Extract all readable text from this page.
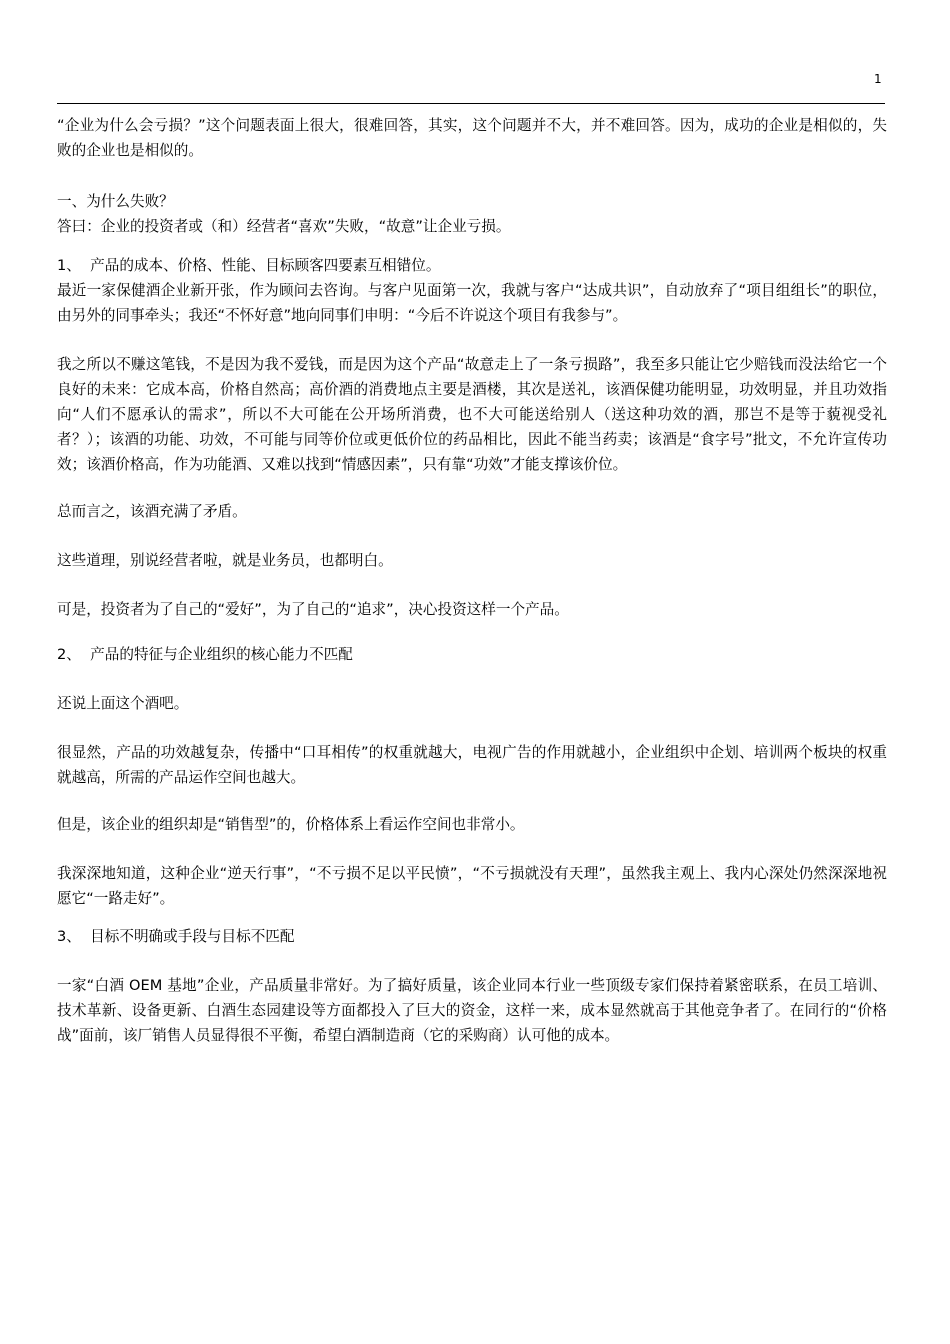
1

“企业为什么会亏损？”这个问题表面上很大，很难回答，其实，这个问题并不大，并不难回答。因为，成功的企业是相似的，失败的企业也是相似的。

一、为什么失败？

答曰：企业的投资者或（和）经营者“喜欢”失败，“故意”让企业亏损。

1、  产品的成本、价格、性能、目标顾客四要素互相错位。

最近一家保健酒企业新开张，作为顾问去咨询。与客户见面第一次，我就与客户“达成共识”，自动放弃了“项目组组长”的职位，由另外的同事牵头；我还“不怀好意”地向同事们申明：“今后不许说这个项目有我参与”。

我之所以不赚这笔钱，不是因为我不爱钱，而是因为这个产品“故意走上了一条亏损路”，我至多只能让它少赔钱而没法给它一个良好的未来：它成本高，价格自然高；高价酒的消费地点主要是酒楼，其次是送礼，该酒保健功能明显，功效明显，并且功效指向“人们不愿承认的需求”，所以不大可能在公开场所消费，也不大可能送给别人（送这种功效的酒，那岂不是等于藐视受礼者？）；该酒的功能、功效，不可能与同等价位或更低价位的药品相比，因此不能当药卖；该酒是“食字号”批文，不允许宣传功效；该酒价格高，作为功能酒、又难以找到“情感因素”，只有靠“功效”才能支撑该价位。

总而言之，该酒充满了矛盾。

这些道理，别说经营者啦，就是业务员，也都明白。

可是，投资者为了自己的“爱好”，为了自己的“追求”，决心投资这样一个产品。

2、  产品的特征与企业组织的核心能力不匹配

还说上面这个酒吧。

很显然，产品的功效越复杂，传播中“口耳相传”的权重就越大，电视广告的作用就越小，企业组织中企划、培训两个板块的权重就越高，所需的产品运作空间也越大。

但是，该企业的组织却是“销售型”的，价格体系上看运作空间也非常小。

我深深地知道，这种企业“逆天行事”，“不亏损不足以平民愤”，“不亏损就没有天理”，虽然我主观上、我内心深处仍然深深地祝愿它“一路走好”。

3、  目标不明确或手段与目标不匹配

一家“白酒 OEM 基地”企业，产品质量非常好。为了搞好质量，该企业同本行业一些顶级专家们保持着紧密联系，在员工培训、技术革新、设备更新、白酒生态园建设等方面都投入了巨大的资金，这样一来，成本显然就高于其他竞争者了。在同行的“价格战”面前，该厂销售人员显得很不平衡，希望白酒制造商（它的采购商）认可他的成本。
